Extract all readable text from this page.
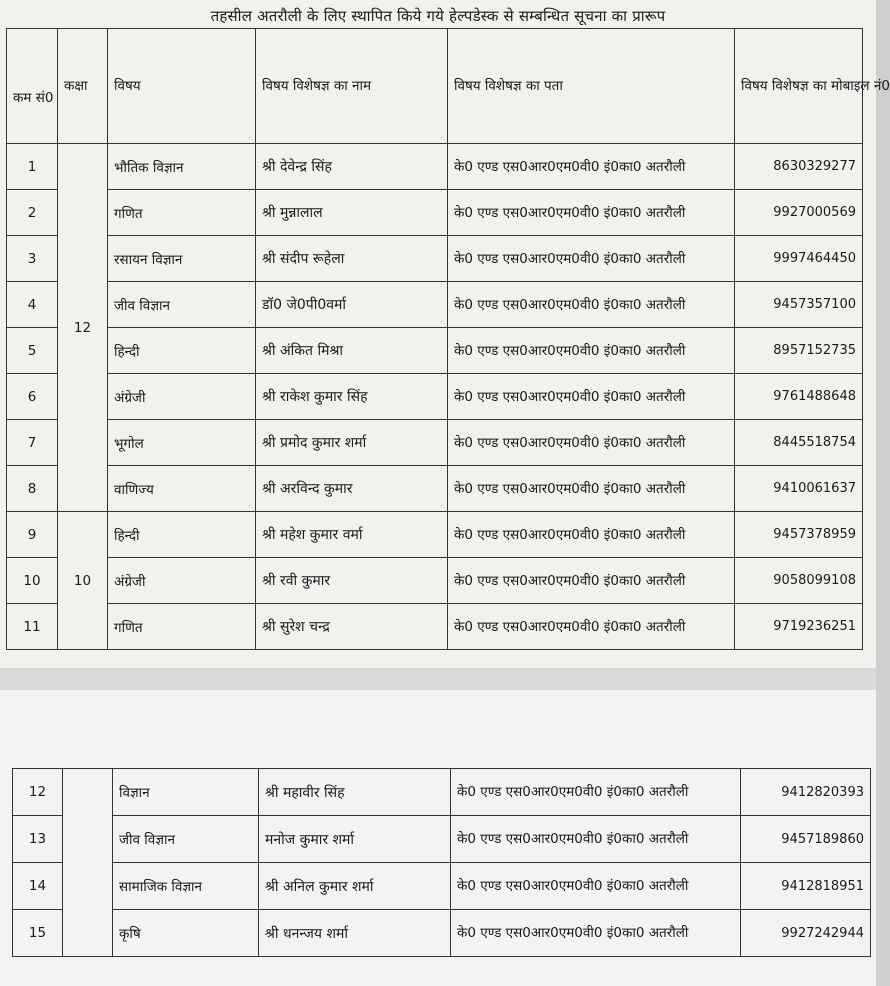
तहसील अतरौली के लिए स्थापित किये गये हेल्पडेस्क से सम्बन्धित सूचना का प्रारूप
कम सं0	कक्षा	विषय	विषय विशेषज्ञ का नाम	विषय विशेषज्ञ का पता	विषय विशेषज्ञ का मोबाइल नं0
1	12	भौतिक विज्ञान	श्री देवेन्द्र सिंह	के0 एण्ड एस0आर0एम0वी0 इं0का0 अतरौली	8630329277
2		गणित	श्री मुन्नालाल	के0 एण्ड एस0आर0एम0वी0 इं0का0 अतरौली	9927000569
3		रसायन विज्ञान	श्री संदीप रूहेला	के0 एण्ड एस0आर0एम0वी0 इं0का0 अतरौली	9997464450
4		जीव विज्ञान	डॉ0 जे0पी0वर्मा	के0 एण्ड एस0आर0एम0वी0 इं0का0 अतरौली	9457357100
5		हिन्दी	श्री अंकित मिश्रा	के0 एण्ड एस0आर0एम0वी0 इं0का0 अतरौली	8957152735
6		अंग्रेजी	श्री राकेश कुमार सिंह	के0 एण्ड एस0आर0एम0वी0 इं0का0 अतरौली	9761488648
7		भूगोल	श्री प्रमोद कुमार शर्मा	के0 एण्ड एस0आर0एम0वी0 इं0का0 अतरौली	8445518754
8		वाणिज्य	श्री अरविन्द कुमार	के0 एण्ड एस0आर0एम0वी0 इं0का0 अतरौली	9410061637
9	10	हिन्दी	श्री महेश कुमार वर्मा	के0 एण्ड एस0आर0एम0वी0 इं0का0 अतरौली	9457378959
10		अंग्रेजी	श्री रवी कुमार	के0 एण्ड एस0आर0एम0वी0 इं0का0 अतरौली	9058099108
11		गणित	श्री सुरेश चन्द्र	के0 एण्ड एस0आर0एम0वी0 इं0का0 अतरौली	9719236251
12		विज्ञान	श्री महावीर सिंह	के0 एण्ड एस0आर0एम0वी0 इं0का0 अतरौली	9412820393
13		जीव विज्ञान	मनोज कुमार शर्मा	के0 एण्ड एस0आर0एम0वी0 इं0का0 अतरौली	9457189860
14		सामाजिक विज्ञान	श्री अनिल कुमार शर्मा	के0 एण्ड एस0आर0एम0वी0 इं0का0 अतरौली	9412818951
15		कृषि	श्री धनन्जय शर्मा	के0 एण्ड एस0आर0एम0वी0 इं0का0 अतरौली	9927242944
